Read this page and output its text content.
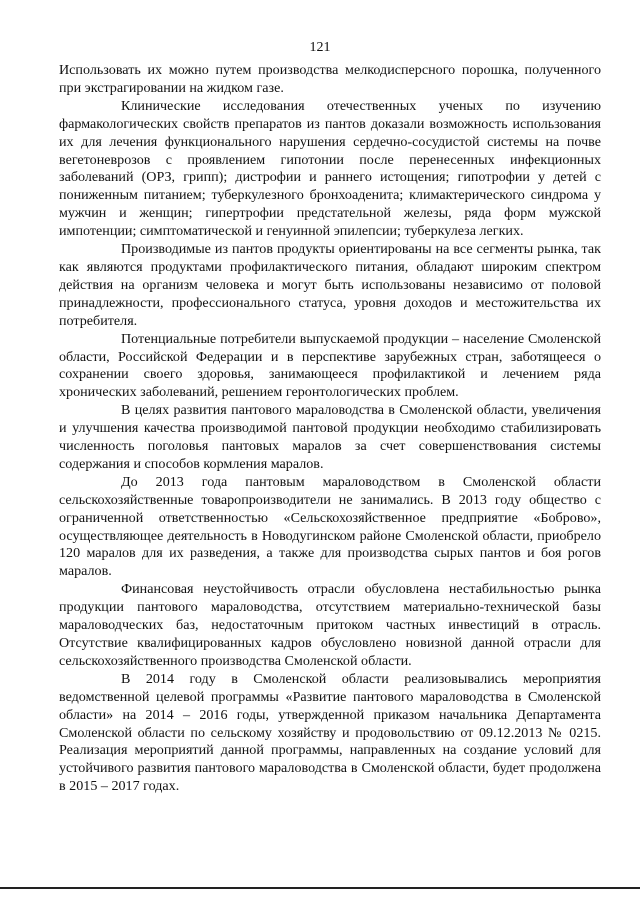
121

Использовать их можно путем производства мелкодисперсного порошка, полученного при экстрагировании на жидком газе.

Клинические исследования отечественных ученых по изучению фармакологических свойств препаратов из пантов доказали возможность использования их для лечения функционального нарушения сердечно-сосудистой системы на почве вегетоневрозов с проявлением гипотонии после перенесенных инфекционных заболеваний (ОРЗ, грипп); дистрофии и раннего истощения; гипотрофии у детей с пониженным питанием; туберкулезного бронхоаденита; климактерического синдрома у мужчин и женщин; гипертрофии предстательной железы, ряда форм мужской импотенции; симптоматической и генуинной эпилепсии; туберкулеза легких.

Производимые из пантов продукты ориентированы на все сегменты рынка, так как являются продуктами профилактического питания, обладают широким спектром действия на организм человека и могут быть использованы независимо от половой принадлежности, профессионального статуса, уровня доходов и местожительства их потребителя.

Потенциальные потребители выпускаемой продукции – население Смоленской области, Российской Федерации и в перспективе зарубежных стран, заботящееся о сохранении своего здоровья, занимающееся профилактикой и лечением ряда хронических заболеваний, решением геронтологических проблем.

В целях развития пантового мараловодства в Смоленской области, увеличения и улучшения качества производимой пантовой продукции необходимо стабилизировать численность поголовья пантовых маралов за счет совершенствования системы содержания и способов кормления маралов.

До 2013 года пантовым мараловодством в Смоленской области сельскохозяйственные товаропроизводители не занимались. В 2013 году общество с ограниченной ответственностью «Сельскохозяйственное предприятие «Боброво», осуществляющее деятельность в Новодугинском районе Смоленской области, приобрело 120 маралов для их разведения, а также для производства сырых пантов и боя рогов маралов.

Финансовая неустойчивость отрасли обусловлена нестабильностью рынка продукции пантового мараловодства, отсутствием материально-технической базы мараловодческих баз, недостаточным притоком частных инвестиций в отрасль. Отсутствие квалифицированных кадров обусловлено новизной данной отрасли для сельскохозяйственного производства Смоленской области.

В 2014 году в Смоленской области реализовывались мероприятия ведомственной целевой программы «Развитие пантового мараловодства в Смоленской области» на 2014 – 2016 годы, утвержденной приказом начальника Департамента Смоленской области по сельскому хозяйству и продовольствию от 09.12.2013 № 0215. Реализация мероприятий данной программы, направленных на создание условий для устойчивого развития пантового мараловодства в Смоленской области, будет продолжена в 2015 – 2017 годах.
